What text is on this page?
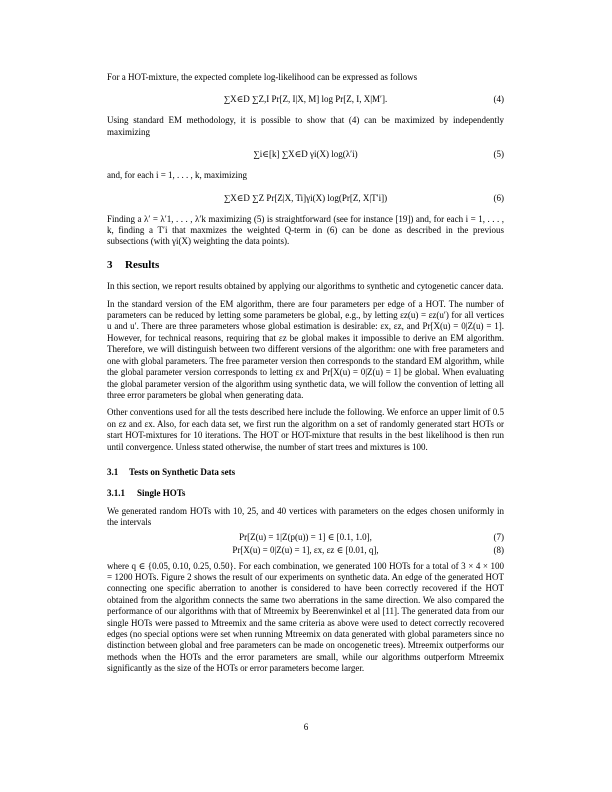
For a HOT-mixture, the expected complete log-likelihood can be expressed as follows

∑X∈D ∑Z,I Pr[Z, I|X, M] log Pr[Z, I, X|M′].	(4)

Using standard EM methodology, it is possible to show that (4) can be maximized by independently maximizing

∑i∈[k] ∑X∈D γi(X) log(λ′i)	(5)

and, for each i = 1, . . . , k, maximizing

∑X∈D ∑Z Pr[Z|X, Ti]γi(X) log(Pr[Z, X|T′i])	(6)

Finding a λ′ = λ′1, . . . , λ′k maximizing (5) is straightforward (see for instance [19]) and, for each i = 1, . . . , k, finding a T′i that maxmizes the weighted Q-term in (6) can be done as described in the previous subsections (with γi(X) weighting the data points).

3 Results

In this section, we report results obtained by applying our algorithms to synthetic and cytogenetic cancer data.

In the standard version of the EM algorithm, there are four parameters per edge of a HOT. The number of parameters can be reduced by letting some parameters be global, e.g., by letting εz(u) = εz(u′) for all vertices u and u′. There are three parameters whose global estimation is desirable: εx, εz, and Pr[X(u) = 0|Z(u) = 1]. However, for technical reasons, requiring that εz be global makes it impossible to derive an EM algorithm. Therefore, we will distinguish between two different versions of the algorithm: one with free parameters and one with global parameters. The free parameter version then corresponds to the standard EM algorithm, while the global parameter version corresponds to letting εx and Pr[X(u) = 0|Z(u) = 1] be global. When evaluating the global parameter version of the algorithm using synthetic data, we will follow the convention of letting all three error parameters be global when generating data.

Other conventions used for all the tests described here include the following. We enforce an upper limit of 0.5 on εz and εx. Also, for each data set, we first run the algorithm on a set of randomly generated start HOTs or start HOT-mixtures for 10 iterations. The HOT or HOT-mixture that results in the best likelihood is then run until convergence. Unless stated otherwise, the number of start trees and mixtures is 100.

3.1 Tests on Synthetic Data sets
3.1.1 Single HOTs

We generated random HOTs with 10, 25, and 40 vertices with parameters on the edges chosen uniformly in the intervals

Pr[Z(u) = 1|Z(p(u)) = 1] ∈ [0.1, 1.0],	(7)
Pr[X(u) = 0|Z(u) = 1], εx, εz ∈ [0.01, q],	(8)

where q ∈ {0.05, 0.10, 0.25, 0.50}. For each combination, we generated 100 HOTs for a total of 3 × 4 × 100 = 1200 HOTs. Figure 2 shows the result of our experiments on synthetic data. An edge of the generated HOT connecting one specific aberration to another is considered to have been correctly recovered if the HOT obtained from the algorithm connects the same two aberrations in the same direction. We also compared the performance of our algorithms with that of Mtreemix by Beerenwinkel et al [11]. The generated data from our single HOTs were passed to Mtreemix and the same criteria as above were used to detect correctly recovered edges (no special options were set when running Mtreemix on data generated with global parameters since no distinction between global and free parameters can be made on oncogenetic trees). Mtreemix outperforms our methods when the HOTs and the error parameters are small, while our algorithms outperform Mtreemix significantly as the size of the HOTs or error parameters become larger.

6
